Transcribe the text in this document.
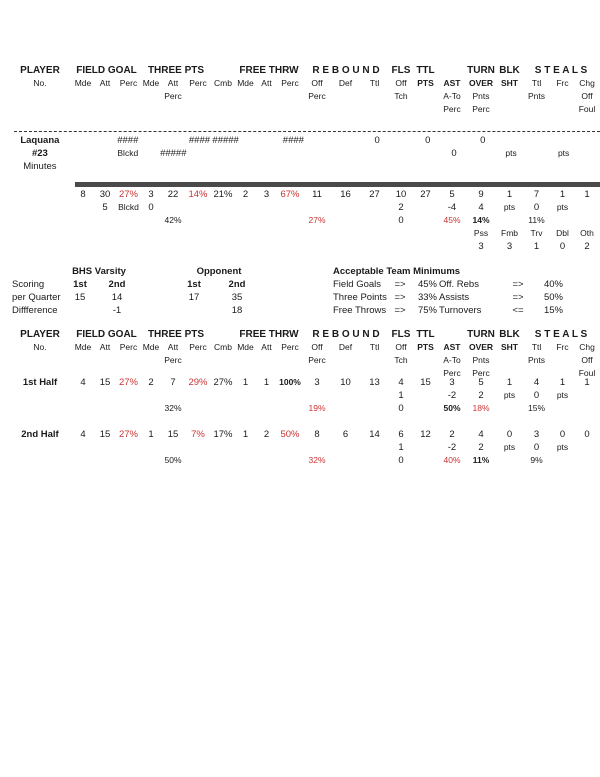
PLAYER	FIELD GOAL			THREE PTS				FREE THRW			R E B O U N D			FLS	TTL		TURN	BLK	S T E A L S		
No.	Mde	Att	Perc	Mde	Att	Perc	Cmb	Mde	Att	Perc	Off	Def	Ttl	Off	PTS	AST	OVER	SHT	Ttl	Frc	Chg
					Perc						Perc			Tch		A-To	Pnts		Pnts		Off
																Perc	Perc				Foul
Laquana			####			####	#####			####			0		0		0				
#23			Blckd		#####											0		pts		pts	
Minutes																					
	8	30	27%	3	22	14%	21%	2	3	67%	11	16	27	10	27	5	9	1	7	1	1
		5	Blckd	0										2		-4	4	pts	0	pts	
					42%						27%			0		45%	14%		11%		
																	Pss	Fmb	Trv	Dbl	Oth
																	3	3	1	0	2
	BHS Varsity			Opponent	
Scoring	1st	2nd		1st	2nd
per Quarter	15	14		17	35
Diffference		-1			18
Acceptable Team Minimums					
Field Goals	=>	45%	Off. Rebs	=>	40%
Three Points	=>	33%	Assists	=>	50%
Free Throws	=>	75%	Turnovers	<=	15%
PLAYER	FIELD GOAL			THREE PTS				FREE THRW			R E B O U N D			FLS	TTL		TURN	BLK	S T E A L S		
No.	Mde	Att	Perc	Mde	Att	Perc	Cmb	Mde	Att	Perc	Off	Def	Ttl	Off	PTS	AST	OVER	SHT	Ttl	Frc	Chg
					Perc						Perc			Tch		A-To	Pnts		Pnts		Off
																Perc	Perc				Foul
1st Half	4	15	27%	2	7	29%	27%	1	1	100%	3	10	13	4	15	3	5	1	4	1	1
														1		-2	2	pts	0	pts	
					32%						19%			0		50%	18%		15%		
2nd Half	4	15	27%	1	15	7%	17%	1	2	50%	8	6	14	6	12	2	4	0	3	0	0
														1		-2	2	pts	0	pts	
					50%						32%			0		40%	11%		9%		
